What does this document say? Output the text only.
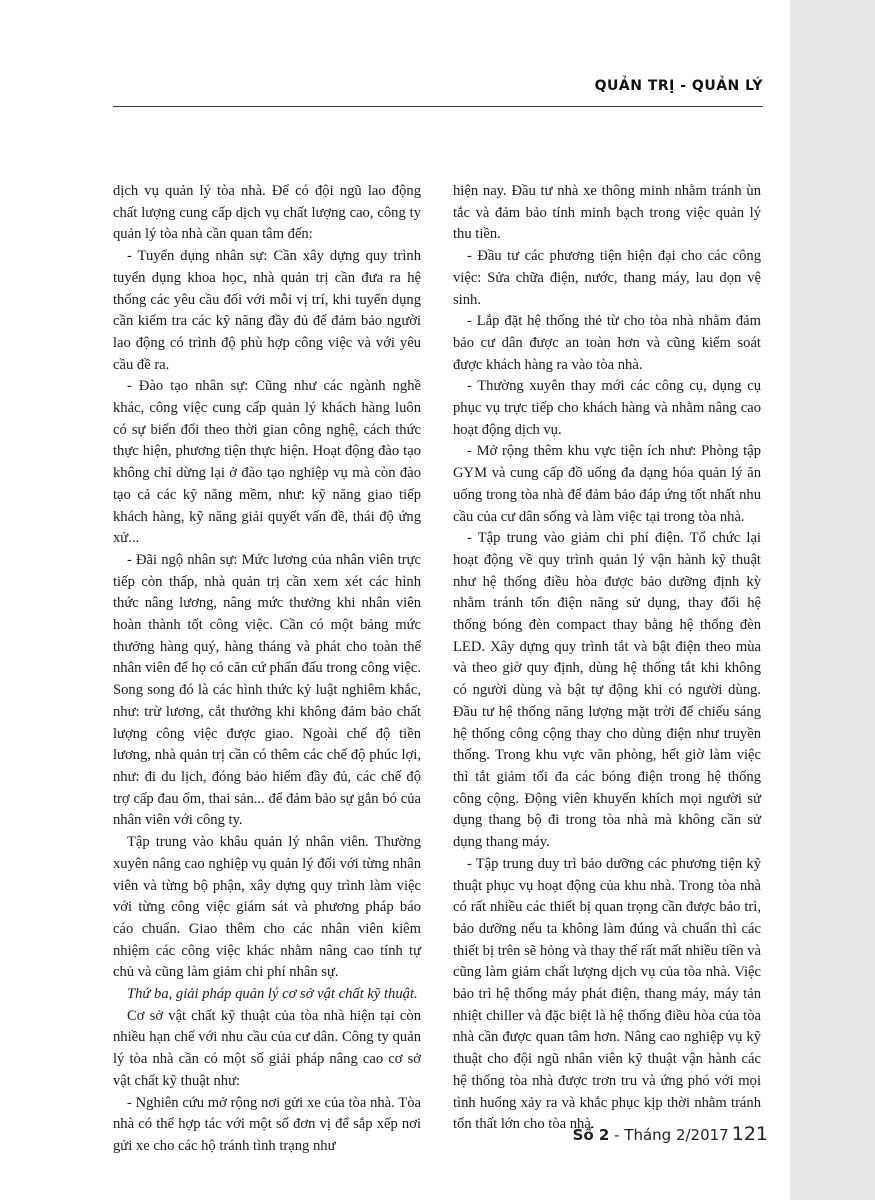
QUẢN TRỊ - QUẢN LÝ

dịch vụ quản lý tòa nhà. Để có đội ngũ lao động chất lượng cung cấp dịch vụ chất lượng cao, công ty quản lý tòa nhà cần quan tâm đến:

- Tuyển dụng nhân sự: Cần xây dựng quy trình tuyển dụng khoa học, nhà quản trị cần đưa ra hệ thống các yêu cầu đối với mỗi vị trí, khi tuyển dụng cần kiểm tra các kỹ năng đầy đủ để đảm bảo người lao động có trình độ phù hợp công việc và với yêu cầu đề ra.

- Đào tạo nhân sự: Cũng như các ngành nghề khác, công việc cung cấp quản lý khách hàng luôn có sự biến đổi theo thời gian công nghệ, cách thức thực hiện, phương tiện thực hiện. Hoạt động đào tạo không chỉ dừng lại ở đào tạo nghiệp vụ mà còn đào tạo cả các kỹ năng mềm, như: kỹ năng giao tiếp khách hàng, kỹ năng giải quyết vấn đề, thái độ ứng xử...

- Đãi ngộ nhân sự: Mức lương của nhân viên trực tiếp còn thấp, nhà quản trị cần xem xét các hình thức nâng lương, nâng mức thưởng khi nhân viên hoàn thành tốt công việc. Cần có một bảng mức thưởng hàng quý, hàng tháng và phát cho toàn thể nhân viên để họ có căn cứ phấn đấu trong công việc. Song song đó là các hình thức kỷ luật nghiêm khắc, như: trừ lương, cắt thưởng khi không đảm bảo chất lượng công việc được giao. Ngoài chế độ tiền lương, nhà quản trị cần có thêm các chế độ phúc lợi, như: đi du lịch, đóng bảo hiểm đầy đủ, các chế độ trợ cấp đau ốm, thai sản... để đảm bảo sự gắn bó của nhân viên với công ty.

Tập trung vào khâu quản lý nhân viên. Thường xuyên nâng cao nghiệp vụ quản lý đối với từng nhân viên và từng bộ phận, xây dựng quy trình làm việc với từng công việc giám sát và phương pháp báo cáo chuẩn. Giao thêm cho các nhân viên kiêm nhiệm các công việc khác nhằm nâng cao tính tự chủ và cũng làm giảm chi phí nhân sự.

Thứ ba, giải pháp quản lý cơ sở vật chất kỹ thuật.

Cơ sở vật chất kỹ thuật của tòa nhà hiện tại còn nhiều hạn chế với nhu cầu của cư dân. Công ty quản lý tòa nhà cần có một số giải pháp nâng cao cơ sở vật chất kỹ thuật như:

- Nghiên cứu mở rộng nơi gửi xe của tòa nhà. Tòa nhà có thể hợp tác với một số đơn vị để sắp xếp nơi gửi xe cho các hộ tránh tình trạng như

hiện nay. Đầu tư nhà xe thông minh nhằm tránh ùn tắc và đảm bảo tính minh bạch trong việc quản lý thu tiền.

- Đầu tư các phương tiện hiện đại cho các công việc: Sửa chữa điện, nước, thang máy, lau dọn vệ sinh.

- Lắp đặt hệ thống thẻ từ cho tòa nhà nhằm đảm bảo cư dân được an toàn hơn và cũng kiểm soát được khách hàng ra vào tòa nhà.

- Thường xuyên thay mới các công cụ, dụng cụ phục vụ trực tiếp cho khách hàng và nhằm nâng cao hoạt động dịch vụ.

- Mở rộng thêm khu vực tiện ích như: Phòng tập GYM và cung cấp đồ uống đa dạng hóa quản lý ăn uống trong tòa nhà để đảm bảo đáp ứng tốt nhất nhu cầu của cư dân sống và làm việc tại trong tòa nhà.

- Tập trung vào giảm chi phí điện. Tổ chức lại hoạt động về quy trình quản lý vận hành kỹ thuật như hệ thống điều hòa được bảo dưỡng định kỳ nhằm tránh tốn điện năng sử dụng, thay đổi hệ thống bóng đèn compact thay bằng hệ thống đèn LED. Xây dựng quy trình tắt và bật điện theo mùa và theo giờ quy định, dùng hệ thống tắt khi không có người dùng và bật tự động khi có người dùng. Đầu tư hệ thống năng lượng mặt trời để chiếu sáng hệ thống công cộng thay cho dùng điện như truyền thống. Trong khu vực văn phòng, hết giờ làm việc thì tắt giảm tối đa các bóng điện trong hệ thống công cộng. Động viên khuyến khích mọi người sử dụng thang bộ đi trong tòa nhà mà không cần sử dụng thang máy.

- Tập trung duy trì bảo dưỡng các phương tiện kỹ thuật phục vụ hoạt động của khu nhà. Trong tòa nhà có rất nhiều các thiết bị quan trọng cần được bảo trì, bảo dưỡng nếu ta không làm đúng và chuẩn thì các thiết bị trên sẽ hỏng và thay thế rất mất nhiều tiền và cũng làm giảm chất lượng dịch vụ của tòa nhà. Việc bảo trì hệ thống máy phát điện, thang máy, máy tản nhiệt chiller và đặc biệt là hệ thống điều hòa của tòa nhà cần được quan tâm hơn. Nâng cao nghiệp vụ kỹ thuật cho đội ngũ nhân viên kỹ thuật vận hành các hệ thống tòa nhà được trơn tru và ứng phó với mọi tình huống xảy ra và khắc phục kịp thời nhằm tránh tổn thất lớn cho tòa nhà.

Số 2 - Tháng 2/2017 121
